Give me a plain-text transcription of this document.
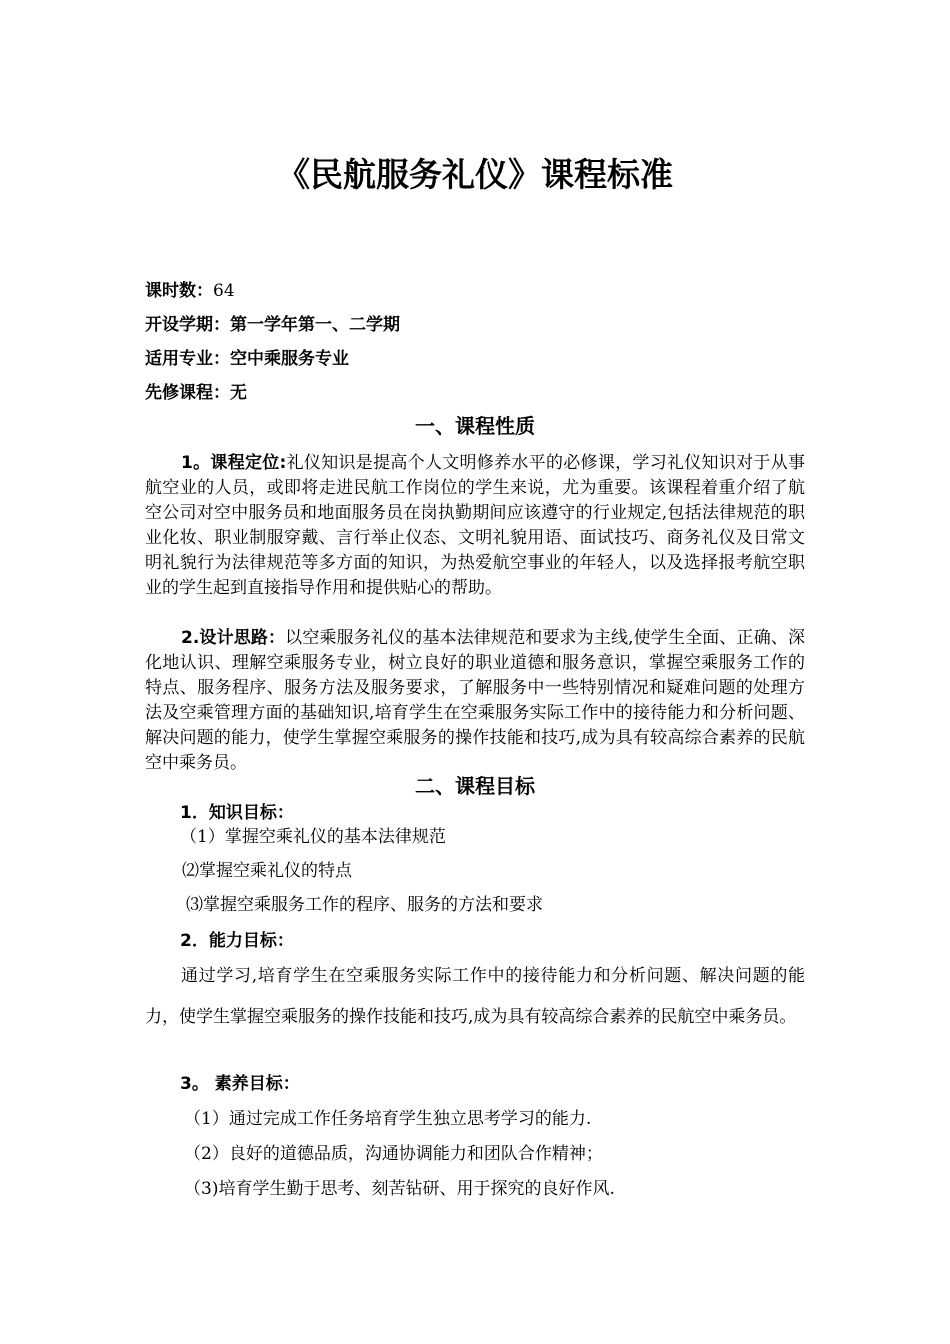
《民航服务礼仪》课程标准
课时数：64
开设学期：第一学年第一、二学期
适用专业：空中乘服务专业
先修课程：无
一、课程性质

1。课程定位:礼仪知识是提高个人文明修养水平的必修课，学习礼仪知识对于从事航空业的人员，或即将走进民航工作岗位的学生来说，尤为重要。该课程着重介绍了航空公司对空中服务员和地面服务员在岗执勤期间应该遵守的行业规定,包括法律规范的职业化妆、职业制服穿戴、言行举止仪态、文明礼貌用语、面试技巧、商务礼仪及日常文明礼貌行为法律规范等多方面的知识，为热爱航空事业的年轻人，以及选择报考航空职业的学生起到直接指导作用和提供贴心的帮助。

2.设计思路：以空乘服务礼仪的基本法律规范和要求为主线,使学生全面、正确、深化地认识、理解空乘服务专业，树立良好的职业道德和服务意识，掌握空乘服务工作的特点、服务程序、服务方法及服务要求，了解服务中一些特别情况和疑难问题的处理方法及空乘管理方面的基础知识,培育学生在空乘服务实际工作中的接待能力和分析问题、解决问题的能力，使学生掌握空乘服务的操作技能和技巧,成为具有较高综合素养的民航空中乘务员。

二、课程目标
1．知识目标：
（1）掌握空乘礼仪的基本法律规范
⑵掌握空乘礼仪的特点
⑶掌握空乘服务工作的程序、服务的方法和要求
2．能力目标：

通过学习,培育学生在空乘服务实际工作中的接待能力和分析问题、解决问题的能力，使学生掌握空乘服务的操作技能和技巧,成为具有较高综合素养的民航空中乘务员。

3。 素养目标：
（1）通过完成工作任务培育学生独立思考学习的能力.
（2）良好的道德品质，沟通协调能力和团队合作精神；
（3)培育学生勤于思考、刻苦钻研、用于探究的良好作风.
